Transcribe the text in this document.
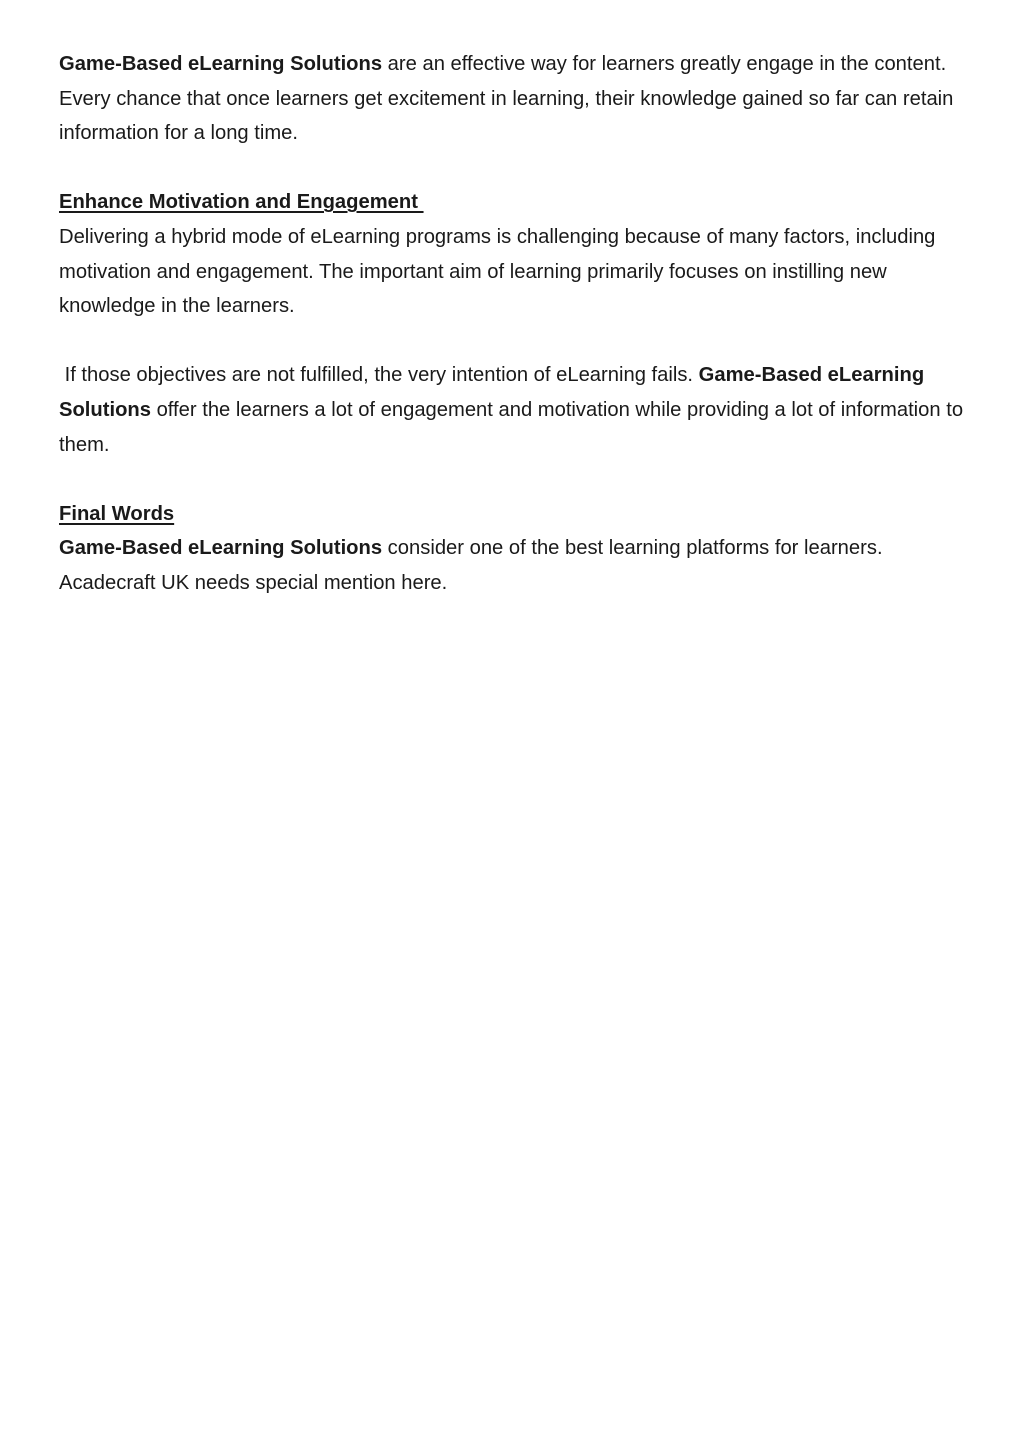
Game-Based eLearning Solutions are an effective way for learners greatly engage in the content. Every chance that once learners get excitement in learning, their knowledge gained so far can retain information for a long time.

Enhance Motivation and Engagement

Delivering a hybrid mode of eLearning programs is challenging because of many factors, including motivation and engagement. The important aim of learning primarily focuses on instilling new knowledge in the learners.

If those objectives are not fulfilled, the very intention of eLearning fails. Game-Based eLearning Solutions offer the learners a lot of engagement and motivation while providing a lot of information to them.

Final Words

Game-Based eLearning Solutions consider one of the best learning platforms for learners. Acadecraft UK needs special mention here.
